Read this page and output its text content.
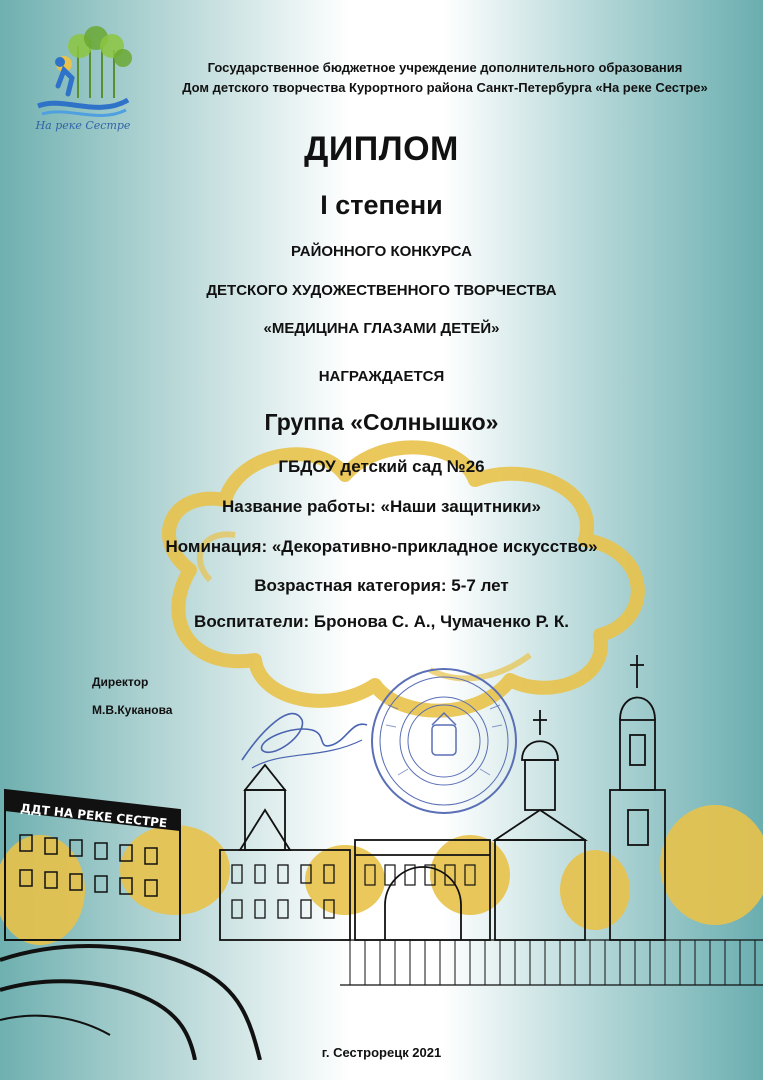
На реке Сестре
Государственное бюджетное учреждение дополнительного образования
Дом детского творчества Курортного района Санкт-Петербурга «На реке Сестре»
ДИПЛОМ
I степени
РАЙОННОГО КОНКУРСА
ДЕТСКОГО ХУДОЖЕСТВЕННОГО ТВОРЧЕСТВА
«МЕДИЦИНА ГЛАЗАМИ ДЕТЕЙ»
НАГРАЖДАЕТСЯ
Группа «Солнышко»
ГБДОУ детский сад №26
Название работы: «Наши защитники»
Номинация: «Декоративно-прикладное искусство»
Возрастная категория: 5-7 лет
Воспитатели: Бронова С. А., Чумаченко Р. К.
Директор
М.В.Куканова
ДДТ НА РЕКЕ СЕСТРЕ
г. Сестрорецк 2021
